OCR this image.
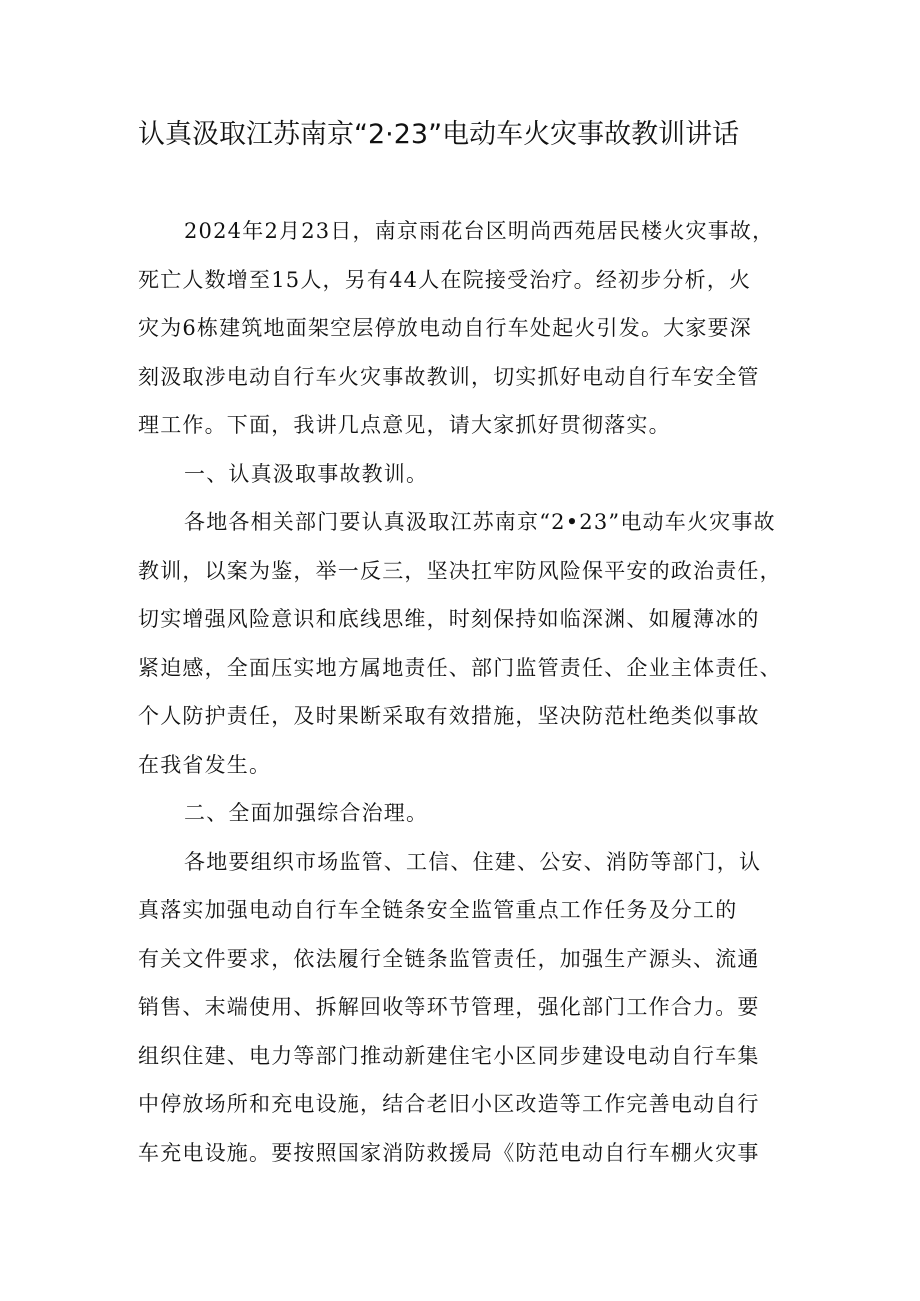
认真汲取江苏南京“2·23”电动车火灾事故教训讲话
2024年2月23日，南京雨花台区明尚西苑居民楼火灾事故，
死亡人数增至15人，另有44人在院接受治疗。经初步分析，火
灾为6栋建筑地面架空层停放电动自行车处起火引发。大家要深
刻汲取涉电动自行车火灾事故教训，切实抓好电动自行车安全管
理工作。下面，我讲几点意见，请大家抓好贯彻落实。
一、认真汲取事故教训。
各地各相关部门要认真汲取江苏南京“2•23”电动车火灾事故
教训，以案为鉴，举一反三，坚决扛牢防风险保平安的政治责任，
切实增强风险意识和底线思维，时刻保持如临深渊、如履薄冰的
紧迫感，全面压实地方属地责任、部门监管责任、企业主体责任、
个人防护责任，及时果断采取有效措施，坚决防范杜绝类似事故
在我省发生。
二、全面加强综合治理。
各地要组织市场监管、工信、住建、公安、消防等部门，认
真落实加强电动自行车全链条安全监管重点工作任务及分工的
有关文件要求，依法履行全链条监管责任，加强生产源头、流通
销售、末端使用、拆解回收等环节管理，强化部门工作合力。要
组织住建、电力等部门推动新建住宅小区同步建设电动自行车集
中停放场所和充电设施，结合老旧小区改造等工作完善电动自行
车充电设施。要按照国家消防救援局《防范电动自行车棚火灾事
